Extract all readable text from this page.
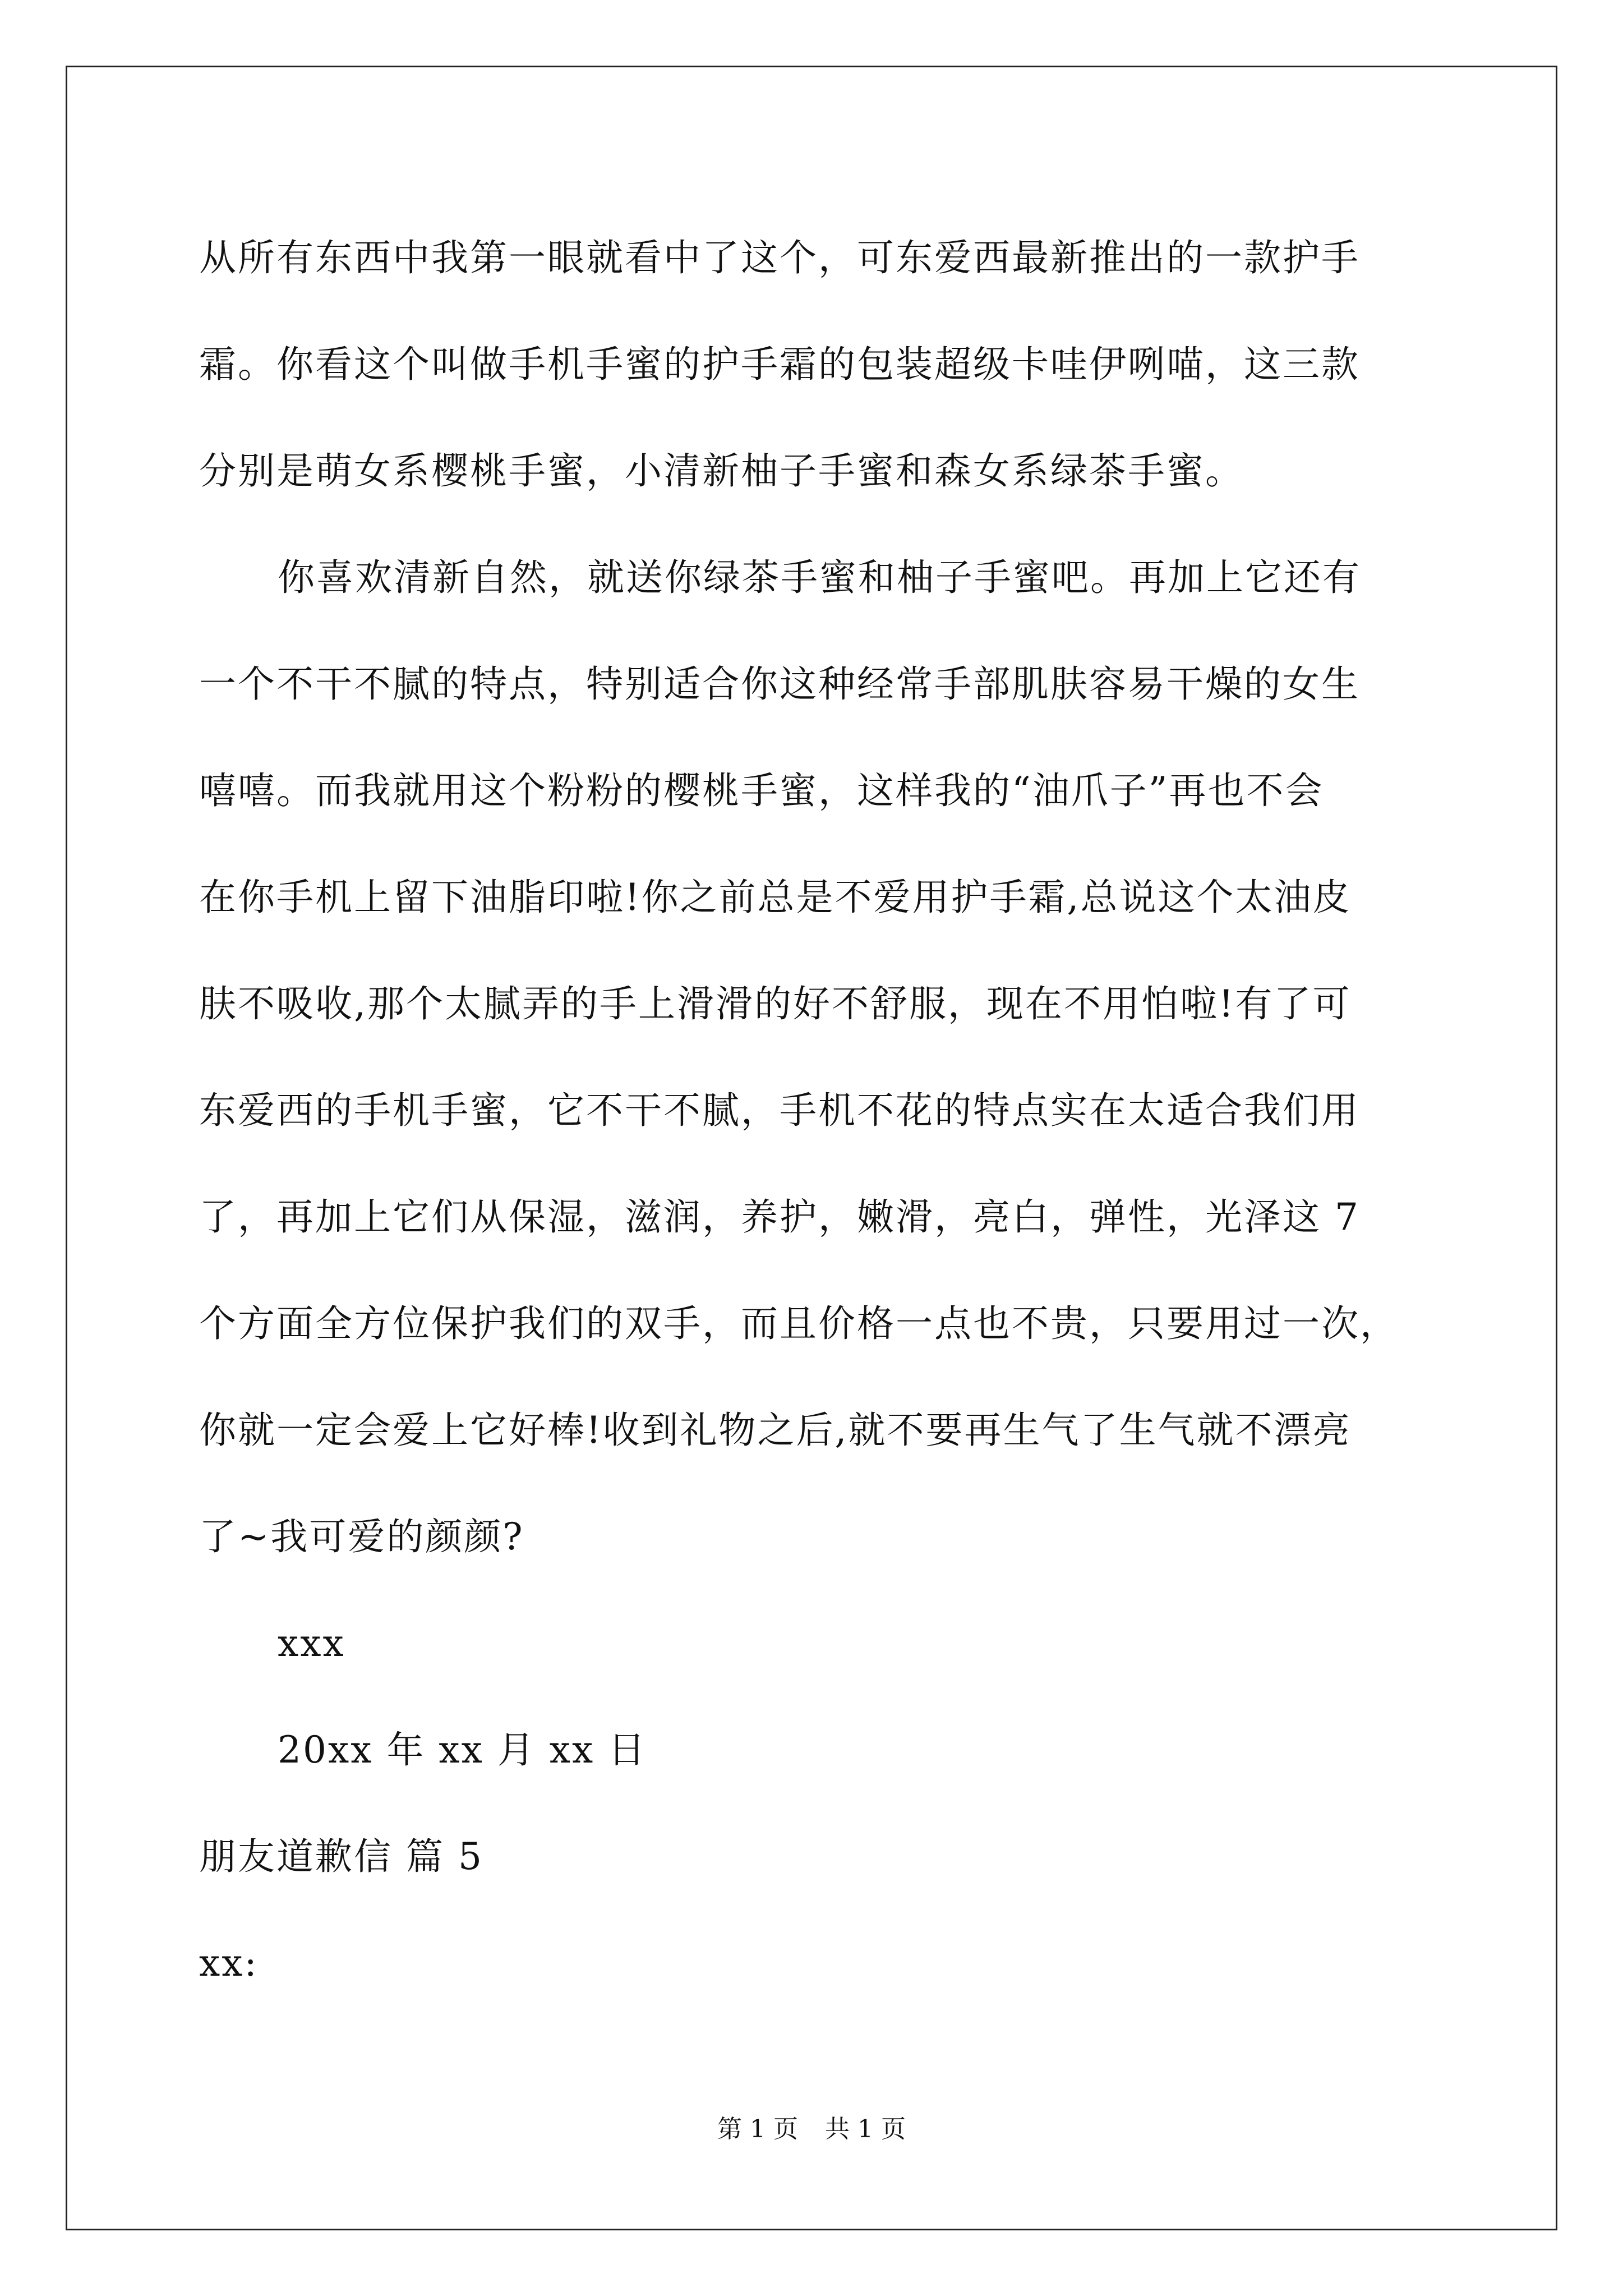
从所有东西中我第一眼就看中了这个，可东爱西最新推出的一款护手
霜。你看这个叫做手机手蜜的护手霜的包装超级卡哇伊咧喵，这三款
分别是萌女系樱桃手蜜，小清新柚子手蜜和森女系绿茶手蜜。
你喜欢清新自然，就送你绿茶手蜜和柚子手蜜吧。再加上它还有
一个不干不腻的特点，特别适合你这种经常手部肌肤容易干燥的女生
嘻嘻。而我就用这个粉粉的樱桃手蜜，这样我的“油爪子”再也不会
在你手机上留下油脂印啦!你之前总是不爱用护手霜,总说这个太油皮
肤不吸收,那个太腻弄的手上滑滑的好不舒服，现在不用怕啦!有了可
东爱西的手机手蜜，它不干不腻，手机不花的特点实在太适合我们用
了，再加上它们从保湿，滋润，养护，嫩滑，亮白，弹性，光泽这 7
个方面全方位保护我们的双手，而且价格一点也不贵，只要用过一次，
你就一定会爱上它好棒!收到礼物之后,就不要再生气了生气就不漂亮
了~我可爱的颜颜?
xxx
20xx 年 xx 月 xx 日
朋友道歉信 篇 5
xx:
第 1 页 共 1 页
